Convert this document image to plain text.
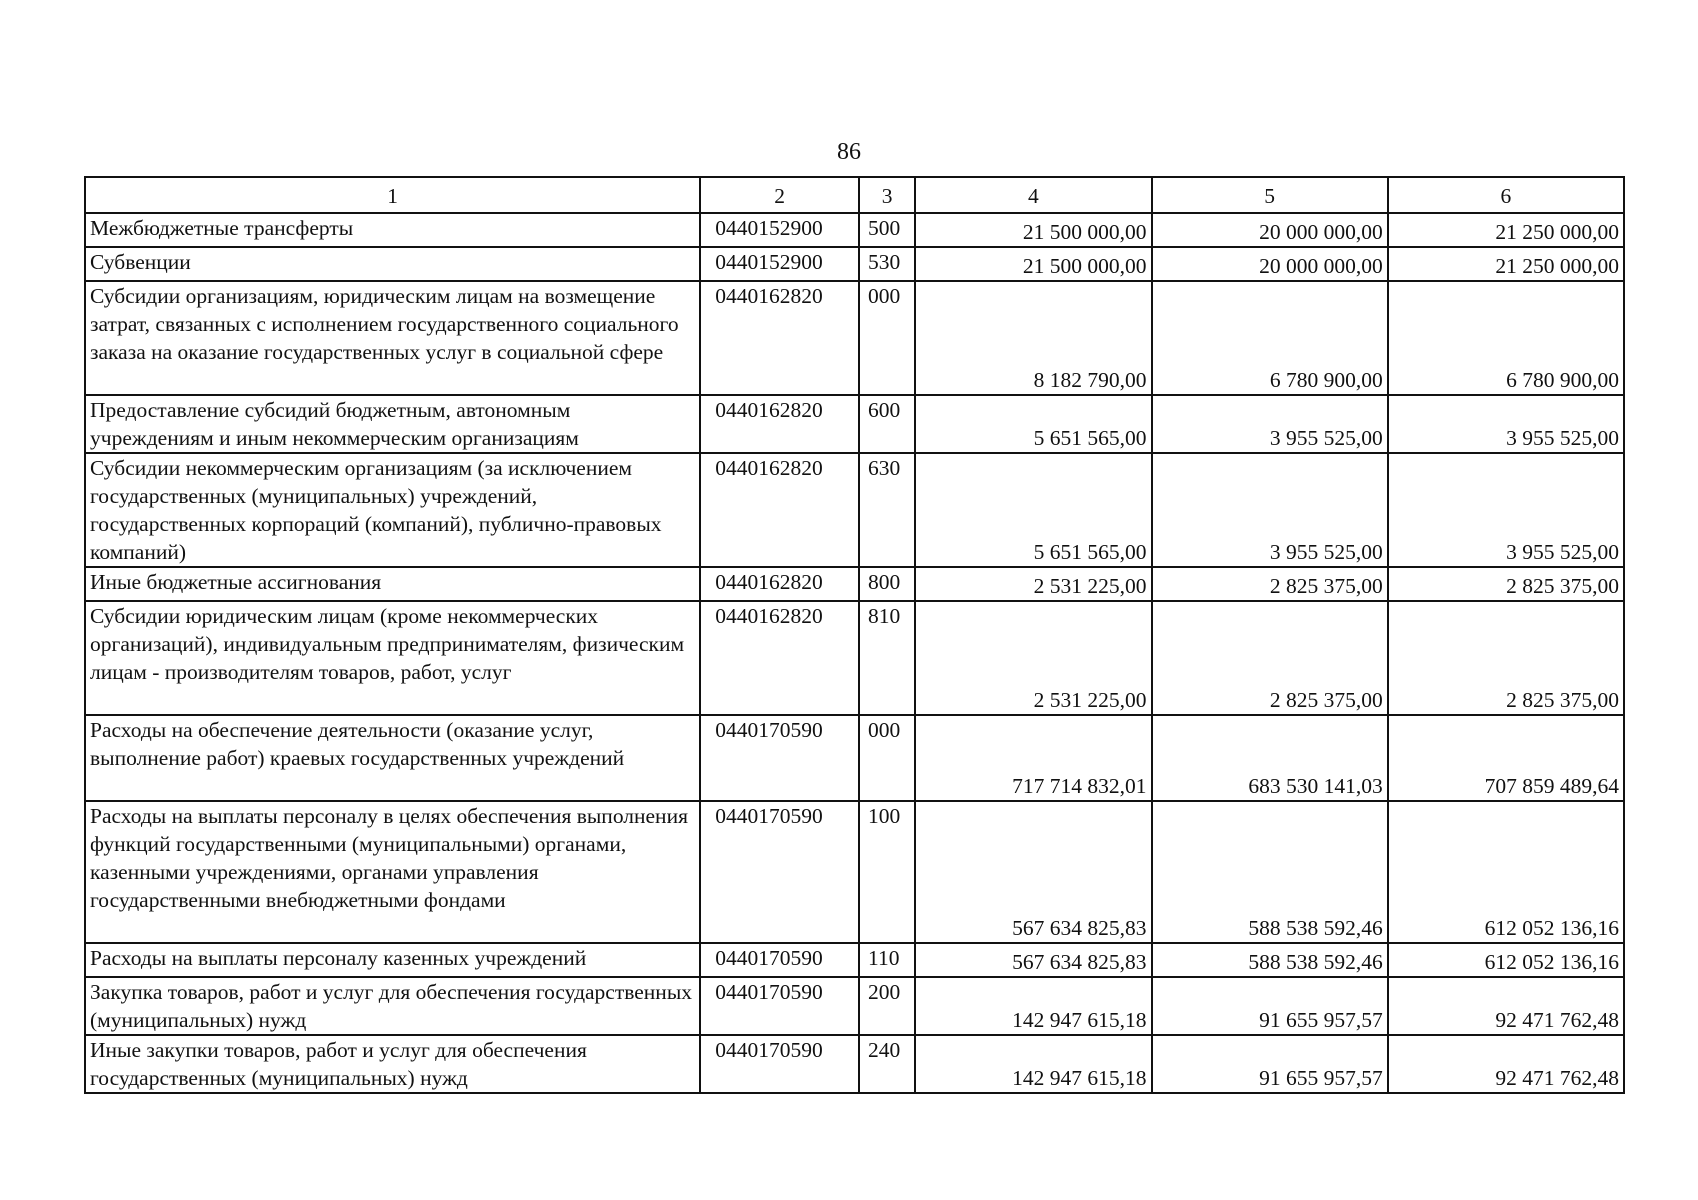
86
1	2	3	4	5	6
Межбюджетные трансферты	0440152900	500	21 500 000,00	20 000 000,00	21 250 000,00
Субвенции	0440152900	530	21 500 000,00	20 000 000,00	21 250 000,00
Субсидии организациям, юридическим лицам на возмещение затрат, связанных с исполнением государственного социального заказа на оказание государственных услуг в социальной сфере	0440162820	000	8 182 790,00	6 780 900,00	6 780 900,00
Предоставление субсидий бюджетным, автономным учреждениям и иным некоммерческим организациям	0440162820	600	5 651 565,00	3 955 525,00	3 955 525,00
Субсидии некоммерческим организациям (за исключением государственных (муниципальных) учреждений, государственных корпораций (компаний), публично-правовых компаний)	0440162820	630	5 651 565,00	3 955 525,00	3 955 525,00
Иные бюджетные ассигнования	0440162820	800	2 531 225,00	2 825 375,00	2 825 375,00
Субсидии юридическим лицам (кроме некоммерческих организаций), индивидуальным предпринимателям, физическим лицам - производителям товаров, работ, услуг	0440162820	810	2 531 225,00	2 825 375,00	2 825 375,00
Расходы на обеспечение деятельности (оказание услуг, выполнение работ) краевых государственных учреждений	0440170590	000	717 714 832,01	683 530 141,03	707 859 489,64
Расходы на выплаты персоналу в целях обеспечения выполнения функций государственными (муниципальными) органами, казенными учреждениями, органами управления государственными внебюджетными фондами	0440170590	100	567 634 825,83	588 538 592,46	612 052 136,16
Расходы на выплаты персоналу казенных учреждений	0440170590	110	567 634 825,83	588 538 592,46	612 052 136,16
Закупка товаров, работ и услуг для обеспечения государственных (муниципальных) нужд	0440170590	200	142 947 615,18	91 655 957,57	92 471 762,48
Иные закупки товаров, работ и услуг для обеспечения государственных (муниципальных) нужд	0440170590	240	142 947 615,18	91 655 957,57	92 471 762,48
